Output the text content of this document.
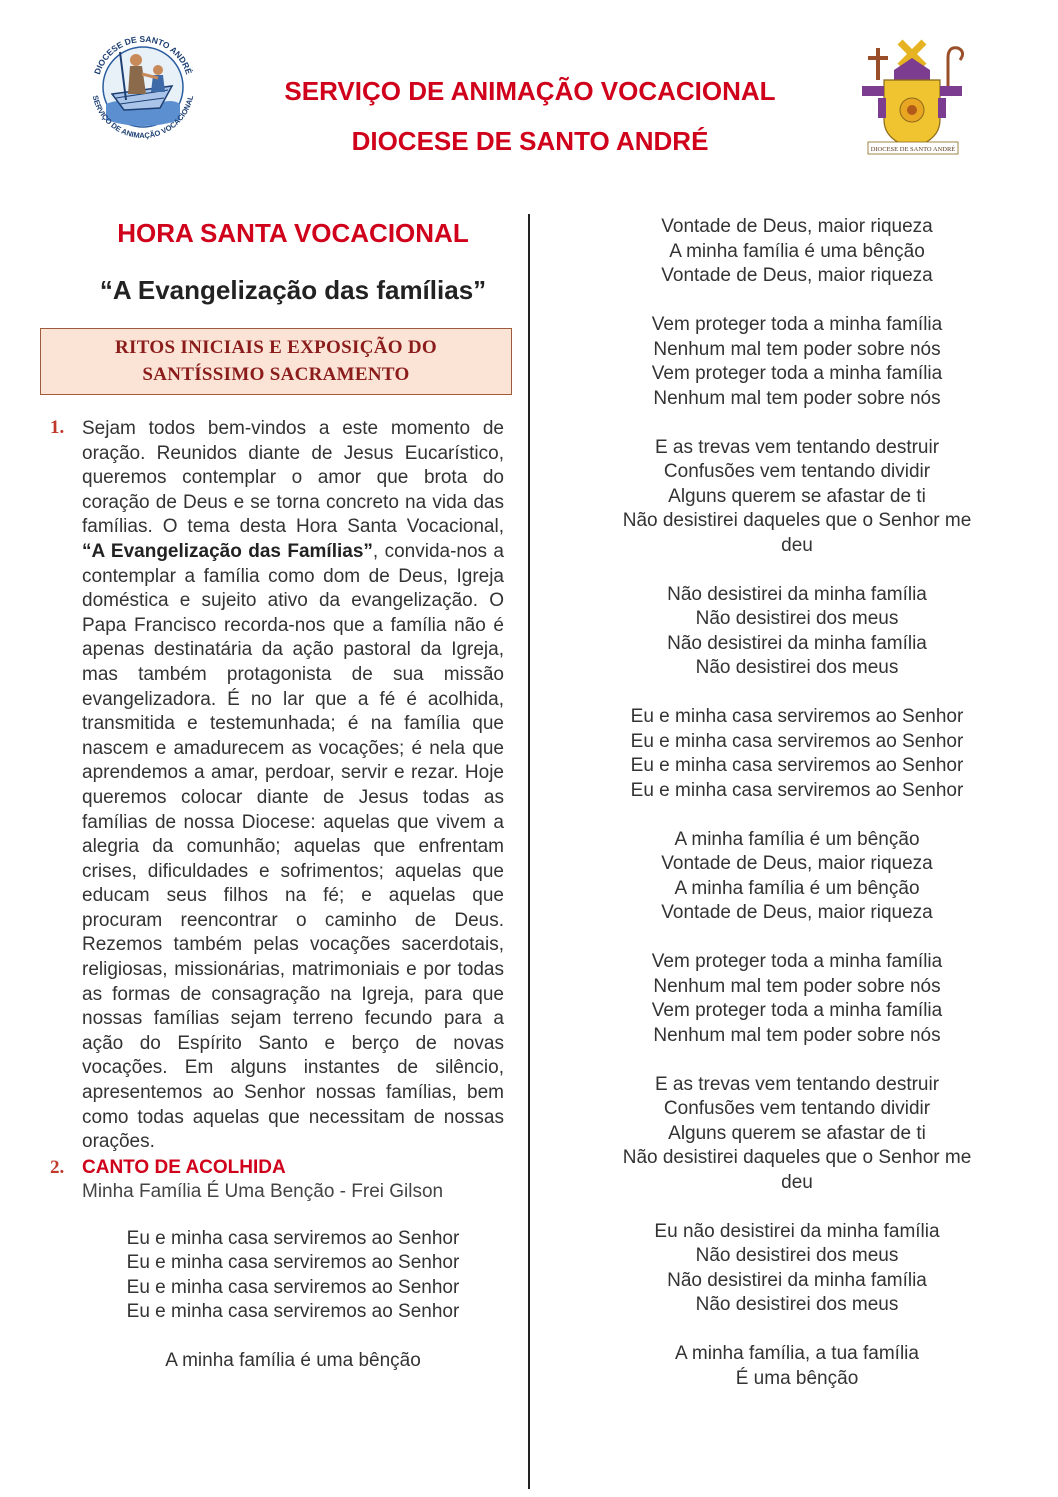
DIOCESE DE SANTO ANDRÉ
SERVIÇO DE ANIMAÇÃO VOCACIONAL	SERVIÇO DE ANIMAÇÃO VOCACIONAL
DIOCESE DE SANTO ANDRÉ	DIOCESE DE SANTO ANDRÉ
HORA SANTA VOCACIONAL
“A Evangelização das famílias”
RITOS INICIAIS E EXPOSIÇÃO DO
SANTÍSSIMO SACRAMENTO
1. Sejam todos bem-vindos a este momento de oração. Reunidos diante de Jesus Eucarístico, queremos contemplar o amor que brota do coração de Deus e se torna concreto na vida das famílias. O tema desta Hora Santa Vocacional, “A Evangelização das Famílias”, convida-nos a contemplar a família como dom de Deus, Igreja doméstica e sujeito ativo da evangelização. O Papa Francisco recorda-nos que a família não é apenas destinatária da ação pastoral da Igreja, mas também protagonista de sua missão evangelizadora. É no lar que a fé é acolhida, transmitida e testemunhada; é na família que nascem e amadurecem as vocações; é nela que aprendemos a amar, perdoar, servir e rezar. Hoje queremos colocar diante de Jesus todas as famílias de nossa Diocese: aquelas que vivem a alegria da comunhão; aquelas que enfrentam crises, dificuldades e sofrimentos; aquelas que educam seus filhos na fé; e aquelas que procuram reencontrar o caminho de Deus. Rezemos também pelas vocações sacerdotais, religiosas, missionárias, matrimoniais e por todas as formas de consagração na Igreja, para que nossas famílias sejam terreno fecundo para a ação do Espírito Santo e berço de novas vocações. Em alguns instantes de silêncio, apresentemos ao Senhor nossas famílias, bem como todas aquelas que necessitam de nossas orações.

2. CANTO DE ACOLHIDA
Minha Família É Uma Benção - Frei Gilson
Eu e minha casa serviremos ao Senhor
Eu e minha casa serviremos ao Senhor
Eu e minha casa serviremos ao Senhor
Eu e minha casa serviremos ao Senhor
A minha família é uma bênção
Vontade de Deus, maior riqueza
A minha família é uma bênção
Vontade de Deus, maior riqueza
Vem proteger toda a minha família
Nenhum mal tem poder sobre nós
Vem proteger toda a minha família
Nenhum mal tem poder sobre nós
E as trevas vem tentando destruir
Confusões vem tentando dividir
Alguns querem se afastar de ti
Não desistirei daqueles que o Senhor me
deu
Não desistirei da minha família
Não desistirei dos meus
Não desistirei da minha família
Não desistirei dos meus
Eu e minha casa serviremos ao Senhor
Eu e minha casa serviremos ao Senhor
Eu e minha casa serviremos ao Senhor
Eu e minha casa serviremos ao Senhor
A minha família é um bênção
Vontade de Deus, maior riqueza
A minha família é um bênção
Vontade de Deus, maior riqueza
Vem proteger toda a minha família
Nenhum mal tem poder sobre nós
Vem proteger toda a minha família
Nenhum mal tem poder sobre nós
E as trevas vem tentando destruir
Confusões vem tentando dividir
Alguns querem se afastar de ti
Não desistirei daqueles que o Senhor me
deu
Eu não desistirei da minha família
Não desistirei dos meus
Não desistirei da minha família
Não desistirei dos meus
A minha família, a tua família
É uma bênção
